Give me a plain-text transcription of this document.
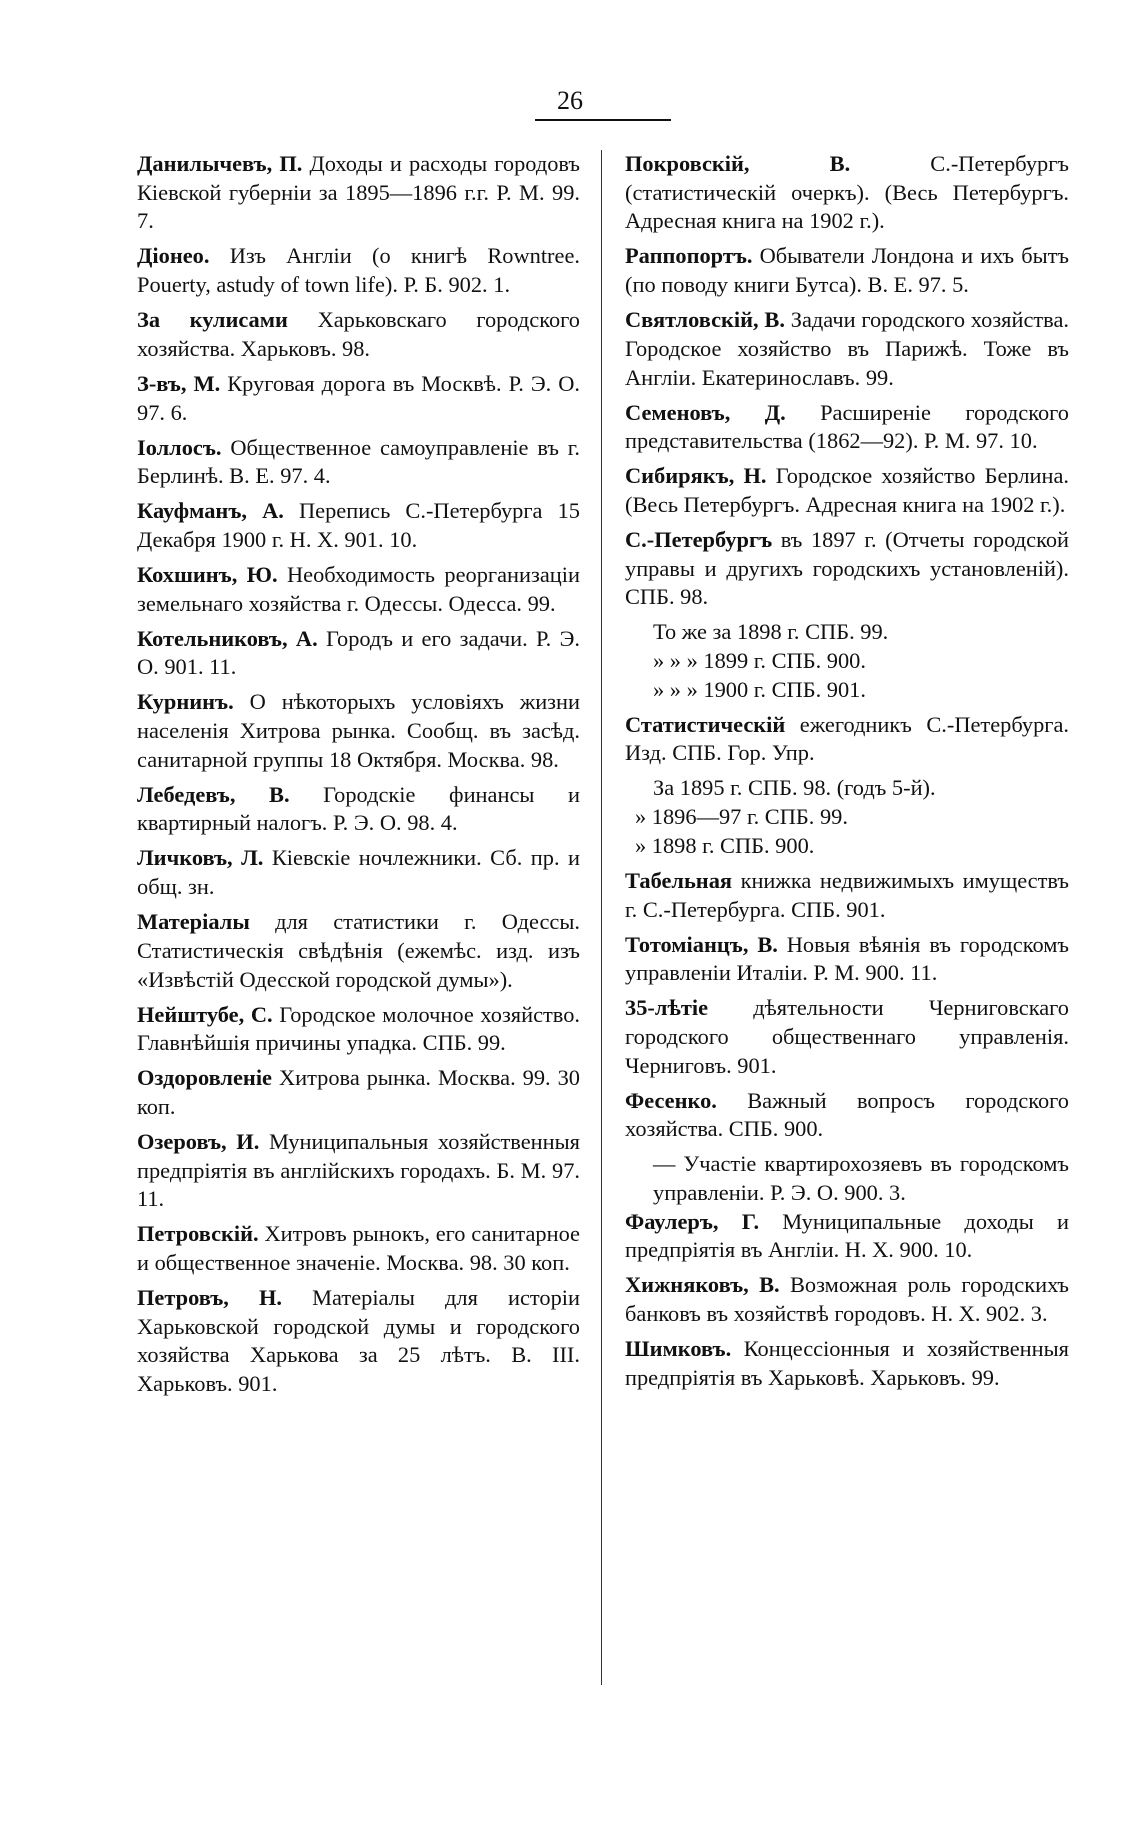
26

Данилычевъ, П. Доходы и расходы городовъ Кіевской губерніи за 1895—1896 г.г. Р. М. 99. 7.

Діонео. Изъ Англіи (о книгѣ Rowntree. Pouerty, astudy of town life). Р. Б. 902. 1.

За кулисами Харьковскаго городского хозяйства. Харьковъ. 98.

З-въ, М. Круговая дорога въ Москвѣ. Р. Э. О. 97. 6.

Іоллосъ. Общественное самоуправленіе въ г. Берлинѣ. В. Е. 97. 4.

Кауфманъ, А. Перепись С.-Петербурга 15 Декабря 1900 г. Н. Х. 901. 10.

Кохшинъ, Ю. Необходимость реорганизаціи земельнаго хозяйства г. Одессы. Одесса. 99.

Котельниковъ, А. Городъ и его задачи. Р. Э. О. 901. 11.

Курнинъ. О нѣкоторыхъ условіяхъ жизни населенія Хитрова рынка. Сообщ. въ засѣд. санитарной группы 18 Октября. Москва. 98.

Лебедевъ, В. Городскіе финансы и квартирный налогъ. Р. Э. О. 98. 4.

Личковъ, Л. Кіевскіе ночлежники. Сб. пр. и общ. зн.

Матеріалы для статистики г. Одессы. Статистическія свѣдѣнія (ежемѣс. изд. изъ «Извѣстій Одесской городской думы»).

Нейштубе, С. Городское молочное хозяйство. Главнѣйшія причины упадка. СПБ. 99.

Оздоровленіе Хитрова рынка. Москва. 99. 30 коп.

Озеровъ, И. Муниципальныя хозяйственныя предпріятія въ англійскихъ городахъ. Б. М. 97. 11.

Петровскій. Хитровъ рынокъ, его санитарное и общественное значеніе. Москва. 98. 30 коп.

Петровъ, Н. Матеріалы для исторіи Харьковской городской думы и городского хозяйства Харькова за 25 лѣтъ. В. III. Харьковъ. 901.

Покровскій, В. С.-Петербургъ (статистическій очеркъ). (Весь Петербургъ. Адресная книга на 1902 г.).

Раппопортъ. Обыватели Лондона и ихъ бытъ (по поводу книги Бутса). В. Е. 97. 5.

Святловскій, В. Задачи городского хозяйства. Городское хозяйство въ Парижѣ. Тоже въ Англіи. Екатеринославъ. 99.

Семеновъ, Д. Расширеніе городского представительства (1862—92). Р. М. 97. 10.

Сибирякъ, Н. Городское хозяйство Берлина. (Весь Петербургъ. Адресная книга на 1902 г.).

С.-Петербургъ въ 1897 г. (Отчеты городской управы и другихъ городскихъ установленій). СПБ. 98.

То же за 1898 г. СПБ. 99.

» » » 1899 г. СПБ. 900.

» » » 1900 г. СПБ. 901.

Статистическій ежегодникъ С.-Петербурга. Изд. СПБ. Гор. Упр.

За 1895 г. СПБ. 98. (годъ 5-й).

» 1896—97 г. СПБ. 99.

» 1898 г. СПБ. 900.

Табельная книжка недвижимыхъ имуществъ г. С.-Петербурга. СПБ. 901.

Тотоміанцъ, В. Новыя вѣянія въ городскомъ управленіи Италіи. Р. М. 900. 11.

35-лѣтіе дѣятельности Черниговскаго городского общественнаго управленія. Черниговъ. 901.

Фесенко. Важный вопросъ городского хозяйства. СПБ. 900.

— Участіе квартирохозяевъ въ городскомъ управленіи. Р. Э. О. 900. 3.

Фаулеръ, Г. Муниципальные доходы и предпріятія въ Англіи. Н. Х. 900. 10.

Хижняковъ, В. Возможная роль городскихъ банковъ въ хозяйствѣ городовъ. Н. Х. 902. 3.

Шимковъ. Концессіонныя и хозяйственныя предпріятія въ Харьковѣ. Харьковъ. 99.
